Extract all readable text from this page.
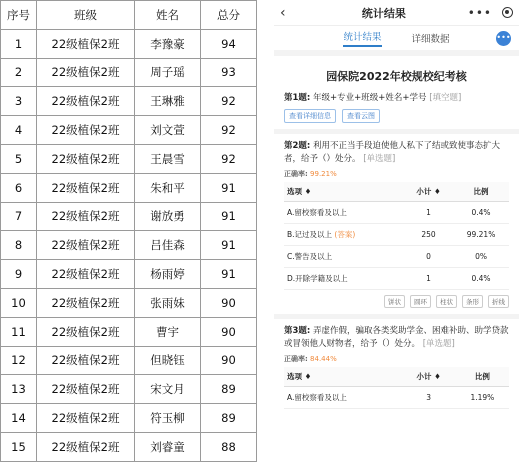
序号	班级	姓名	总分
1	22级植保2班	李豫豪	94
2	22级植保2班	周子瑶	93
3	22级植保2班	王琳雅	92
4	22级植保2班	刘文萱	92
5	22级植保2班	王晨雪	92
6	22级植保2班	朱和平	91
7	22级植保2班	谢放勇	91
8	22级植保2班	吕佳森	91
9	22级植保2班	杨雨婷	91
10	22级植保2班	张雨妹	90
11	22级植保2班	曹宇	90
12	22级植保2班	但晓钰	90
13	22级植保2班	宋文月	89
14	22级植保2班	符玉柳	89
15	22级植保2班	刘睿童	88
‹	统计结果	•••
统计结果	详细数据	•••
园保院2022年校规校纪考核
第1题: 年级+专业+班级+姓名+学号 [填空题]
查看详细信息	查看云图
第2题: 利用不正当手段迫使他人私下了结或致使事态扩大者，给予（）处分。 [单选题]
正确率: 99.21%
选项 ♦	小计 ♦	比例
A.留校察看及以上	1	0.4%
B.记过及以上 (答案)	250	99.21%
C.警告及以上	0	0%
D.开除学籍及以上	1	0.4%
饼状	圆环	柱状	条形	折线
第3题: 弄虚作假，骗取各类奖助学金、困难补助、助学贷款或冒领他人财物者，给予（）处分。 [单选题]
正确率: 84.44%
选项 ♦	小计 ♦	比例
A.留校察看及以上	3	1.19%
